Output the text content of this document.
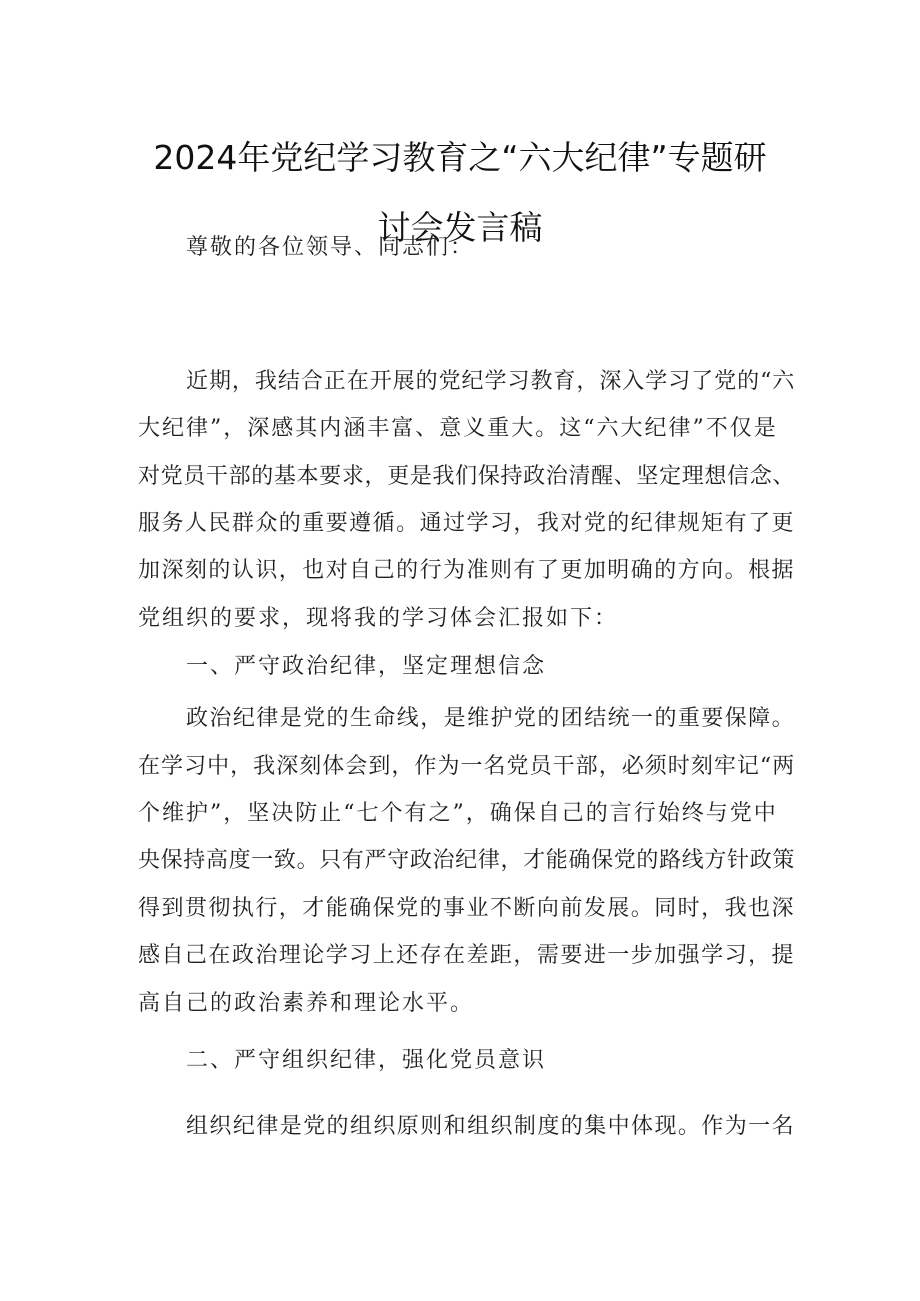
2024年党纪学习教育之“六大纪律”专题研
讨会发言稿
尊敬的各位领导、同志们：
近期，我结合正在开展的党纪学习教育，深入学习了党的“六
大纪律”，深感其内涵丰富、意义重大。这“六大纪律”不仅是
对党员干部的基本要求，更是我们保持政治清醒、坚定理想信念、
服务人民群众的重要遵循。通过学习，我对党的纪律规矩有了更
加深刻的认识，也对自己的行为准则有了更加明确的方向。根据
党组织的要求，现将我的学习体会汇报如下：
一、严守政治纪律，坚定理想信念
政治纪律是党的生命线，是维护党的团结统一的重要保障。
在学习中，我深刻体会到，作为一名党员干部，必须时刻牢记“两
个维护”，坚决防止“七个有之”，确保自己的言行始终与党中
央保持高度一致。只有严守政治纪律，才能确保党的路线方针政策
得到贯彻执行，才能确保党的事业不断向前发展。同时，我也深
感自己在政治理论学习上还存在差距，需要进一步加强学习，提
高自己的政治素养和理论水平。
二、严守组织纪律，强化党员意识
组织纪律是党的组织原则和组织制度的集中体现。作为一名
